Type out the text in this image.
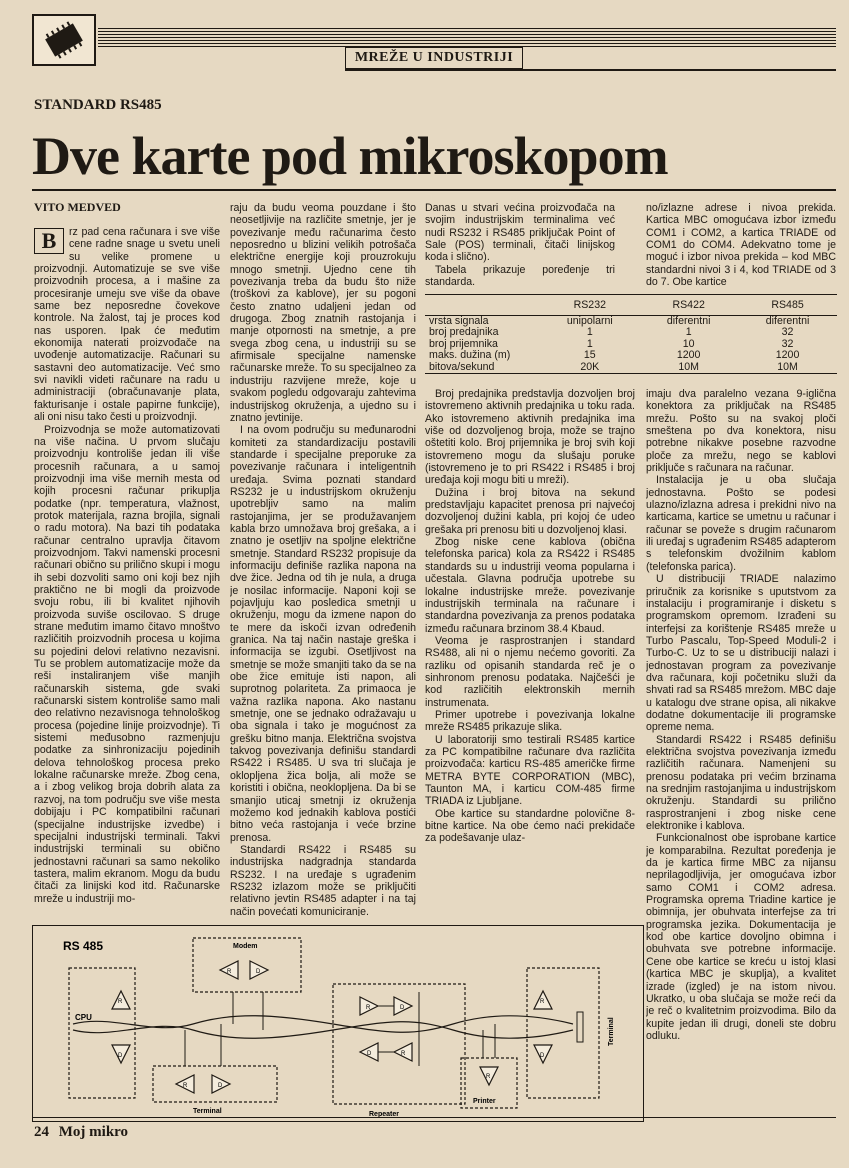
MREŽE U INDUSTRIJI
STANDARD RS485
Dve karte pod mikroskopom
VITO MEDVED
B	rz pad cena računara i sve više cene radne snage u svetu uneli su velike promene u proizvodnji. Automatizuje se sve više proizvodnih procesa, a i mašine za procesiranje umeju sve više da obave same bez neposredne čovekove kontrole. Na žalost, taj je proces kod nas usporen. Ipak će međutim ekonomija naterati proizvođače na uvođenje automatizacije. Računari su sastavni deo automatizacije. Već smo svi navikli videti računare na radu u administraciji (obračunavanje plata, fakturisanje i ostale papirne funkcije), ali oni nisu tako česti u proizvodnji.

Proizvodnja se može automatizovati na više načina. U prvom slučaju proizvodnju kontroliše jedan ili više procesnih računara, a u samoj proizvodnji ima više mernih mesta od kojih procesni računar prikuplja podatke (npr. temperatura, vlažnost, protok materijala, razna brojila, signali o radu motora). Na bazi tih podataka računar centralno upravlja čitavom proizvodnjom. Takvi namenski procesni računari obično su prilično skupi i mogu ih sebi dozvoliti samo oni koji bez njih praktično ne bi mogli da proizvode svoju robu, ili bi kvalitet njihovih proizvoda suviše oscilovao. S druge strane međutim imamo čitavo mnoštvo različitih proizvodnih procesa u kojima su pojedini delovi relativno nezavisni. Tu se problem automatizacije može da reši instaliranjem više manjih računarskih sistema, gde svaki računarski sistem kontroliše samo mali deo relativno nezavisnoga tehnološkog procesa (pojedine linije proizvodnje). Ti sistemi međusobno razmenjuju podatke za sinhronizaciju pojedinih delova tehnološkog procesa preko lokalne računarske mreže. Zbog cena, a i zbog velikog broja dobrih alata za razvoj, na tom području sve više mesta dobijaju i PC kompatibilni računari (specijalne industrijske izvedbe) i specijalni industrijski terminali. Takvi industrijski terminali su obično jednostavni računari sa samo nekoliko tastera, malim ekranom. Mogu da budu čitači za linijski kod itd. Računarske mreže u industriji mo-

raju da budu veoma pouzdane i što neosetljivije na različite smetnje, jer je povezivanje među računarima često neposredno u blizini velikih potrošača električne energije koji prouzrokuju mnogo smetnji. Ujedno cene tih povezivanja treba da budu što niže (troškovi za kablove), jer su pogoni često znatno udaljeni jedan od drugoga. Zbog znatnih rastojanja i manje otpornosti na smetnje, a pre svega zbog cena, u industriji su se afirmisale specijalne namenske računarske mreže. To su specijalneo za industriju razvijene mreže, koje u svakom pogledu odgovaraju zahtevima industrijskog okruženja, a ujedno su i znatno jevtinije.

I na ovom području su međunarodni komiteti za standardizaciju postavili standarde i specijalne preporuke za povezivanje računara i inteligentnih uređaja. Svima poznati standard RS232 je u industrijskom okruženju upotrebljiv samo na malim rastojanjima, jer se produžavanjem kabla brzo umnožava broj grešaka, a i znatno je osetljiv na spoljne električne smetnje. Standard RS232 propisuje da informaciju definiše razlika napona na dve žice. Jedna od tih je nula, a druga je nosilac informacije. Naponi koji se pojavljuju kao posledica smetnji u okruženju, mogu da izmene napon do te mere da iskoči izvan određenih granica. Na taj način nastaje greška i informacija se izgubi. Osetljivost na smetnje se može smanjiti tako da se na obe žice emituje isti napon, ali suprotnog polariteta. Za primaoca je važna razlika napona. Ako nastanu smetnje, one se jednako odražavaju u oba signala i tako je mogućnost za grešku bitno manja. Električna svojstva takvog povezivanja definišu standardi RS422 i RS485. U sva tri slučaja je okloplјena žica bolja, ali može se koristiti i obična, neokloplјena. Da bi se smanjio uticaj smetnji iz okruženja možemo kod jednakih kablova postići bitno veća rastojanja i veće brzine prenosa.

Standardi RS422 i RS485 su industrijska nadgradnja standarda RS232. I na uređaje s ugrađenim RS232 izlazom može se priključiti relativno jevtin RS485 adapter i na taj način povećati komuniciranje.

Danas u stvari većina proizvođača na svojim industrijskim terminalima već nudi RS232 i RS485 priključak Point of Sale (POS) terminali, čitači linijskog koda i slično).

Tabela prikazuje poređenje tri standarda.

no/izlazne adrese i nivoa prekida. Kartica MBC omogućava izbor između COM1 i COM2, a kartica TRIADE od COM1 do COM4. Adekvatno tome je moguć i izbor nivoa prekida – kod MBC standardni nivoi 3 i 4, kod TRIADE od 3 do 7. Obe kartice

	RS232	RS422	RS485
vrsta signala	unipolarni	diferentni	diferentni
broj predajnika	1	1	32
broj prijemnika	1	10	32
maks. dužina (m)	15	1200	1200
bitova/sekund	20K	10M	10M

Broj predajnika predstavlja dozvoljen broj istovremeno aktivnih predajnika u toku rada. Ako istovremeno aktivnih predajnika ima više od dozvoljenog broja, može se trajno oštetiti kolo. Broj prijemnika je broj svih koji istovremeno mogu da slušaju poruke (istovremeno je to pri RS422 i RS485 i broj uređaja koji mogu biti u mreži).

Dužina i broj bitova na sekund predstavljaju kapacitet prenosa pri najvećoj dozvoljenoj dužini kabla, pri kojoj će udeo grešaka pri prenosu biti u dozvoljenoj klasi.

Zbog niske cene kablova (obična telefonska parica) kola za RS422 i RS485 standards su u industriji veoma popularna i učestala. Glavna područja upotrebe su lokalne industrijske mreže. povezivanje industrijskih terminala na računare i standardna povezivanja za prenos podataka između računara brzinom 38.4 Kbaud.

Veoma je rasprostranjen i standard RS488, ali ni o njemu nećemo govoriti. Za razliku od opisanih standarda reč je o sinhronom prenosu podataka. Najčešći je kod različitih elektronskih mernih instrumenata.

Primer upotrebe i povezivanja lokalne mreže RS485 prikazuje slika.

U laboratoriji smo testirali RS485 kartice za PC kompatibilne računare dva različita proizvođača: karticu RS-485 američke firme METRA BYTE CORPORATION (MBC), Taunton MA, i karticu COM-485 firme TRIADA iz Ljubljane.

Obe kartice su standardne polovične 8-bitne kartice. Na obe ćemo naći prekidače za podešavanje ulaz-

imaju dva paralelno vezana 9-iglična konektora za priključak na RS485 mrežu. Pošto su na svakoj ploči smeštena po dva konektora, nisu potrebne nikakve posebne razvodne ploče za mrežu, nego se kablovi priključe s računara na računar.

Instalacija je u oba slučaja jednostavna. Pošto se podesi ulazno/izlazna adresa i prekidni nivo na karticama, kartice se umetnu u računar i računar se poveže s drugim računarom ili uređaj s ugrađenim RS485 adapterom s telefonskim dvožilnim kablom (telefonska parica).

U distribuciji TRIADE nalazimo priručnik za korisnike s uputstvom za instalaciju i programiranje i disketu s programskom opremom. Izrađeni su interfejsi za korištenje RS485 mreže u Turbo Pascalu, Top-Speed Moduli-2 i Turbo-C. Uz to se u distribuciji nalazi i jednostavan program za povezivanje dva računara, koji početniku služi da shvati rad sa RS485 mrežom. MBC daje u katalogu dve strane opisa, ali nikakve dodatne dokumentacije ili programske opreme nema.

Standardi RS422 i RS485 definišu električna svojstva povezivanja između različitih računara. Namenjeni su prenosu podataka pri većim brzinama na srednjim rastojanjima u industrijskom okruženju. Standardi su prilično rasprostranjeni i zbog niske cene elektronike i kablova.

Funkcionalnost obe isprobane kartice je komparabilna. Rezultat poređenja je da je kartica firme MBC za nijansu neprilagodljivija, jer omogućava izbor samo COM1 i COM2 adresa. Programska oprema Triadine kartice je obimnija, jer obuhvata interfejse za tri programska jezika. Dokumentacija je kod obe kartice dovoljno obimna i obuhvata sve potrebne informacije. Cene obe kartice se kreću u istoj klasi (kartica MBC je skuplja), a kvalitet izrade (izgled) je na istom nivou. Ukratko, u oba slučaja se može reći da je reč o kvalitetnim proizvodima. Bilo da kupite jedan ili drugi, doneli ste dobru odluku.

RS 485
CPU
R
D
Modem
R	D
Terminal
R	D
Repeater
R	D
D	R
Printer
R
Terminal
R
D
24 Moj mikro
